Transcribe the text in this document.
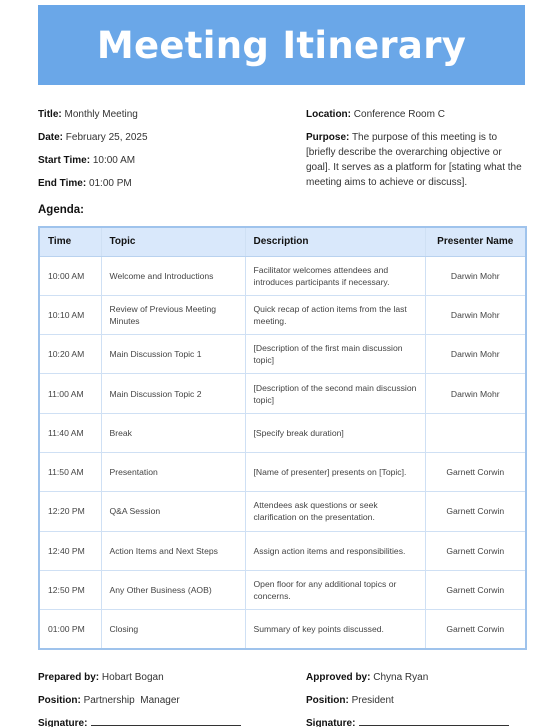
Meeting Itinerary
Title: Monthly Meeting
Date: February 25, 2025
Start Time: 10:00 AM
End Time: 01:00 PM
Location: Conference Room C
Purpose: The purpose of this meeting is to [briefly describe the overarching objective or goal]. It serves as a platform for [stating what the meeting aims to achieve or discuss].
Agenda:
Time	Topic	Description	Presenter Name
10:00 AM	Welcome and Introductions	Facilitator welcomes attendees and introduces participants if necessary.	Darwin Mohr
10:10 AM	Review of Previous Meeting Minutes	Quick recap of action items from the last meeting.	Darwin Mohr
10:20 AM	Main Discussion Topic 1	[Description of the first main discussion topic]	Darwin Mohr
11:00 AM	Main Discussion Topic 2	[Description of the second main discussion topic]	Darwin Mohr
11:40 AM	Break	[Specify break duration]	
11:50 AM	Presentation	[Name of presenter] presents on [Topic].	Garnett Corwin
12:20 PM	Q&A Session	Attendees ask questions or seek clarification on the presentation.	Garnett Corwin
12:40 PM	Action Items and Next Steps	Assign action items and responsibilities.	Garnett Corwin
12:50 PM	Any Other Business (AOB)	Open floor for any additional topics or concerns.	Garnett Corwin
01:00 PM	Closing	Summary of key points discussed.	Garnett Corwin
Prepared by: Hobart Bogan
Position: Partnership  Manager
Signature:
Approved by: Chyna Ryan
Position: President
Signature:
